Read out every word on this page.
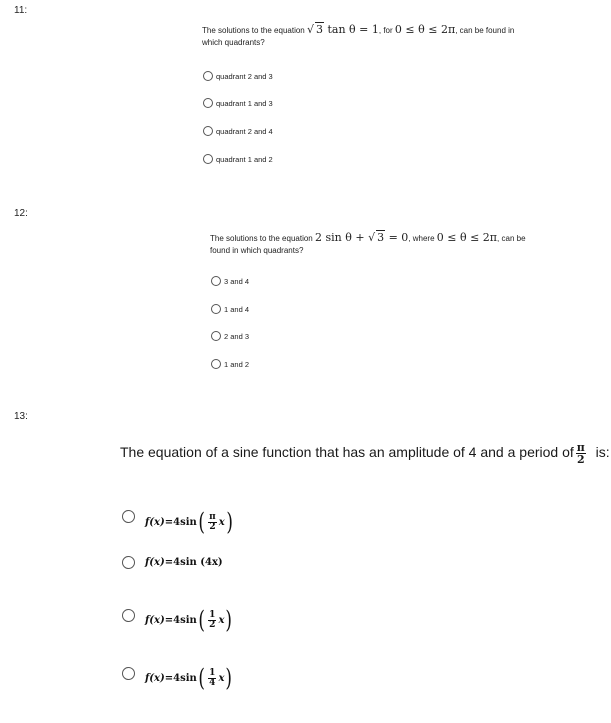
11:
The solutions to the equation √ 3 tan θ = 1, for 0 ≤ θ ≤ 2π, can be found in
which quadrants?
quadrant 2 and 3
quadrant 1 and 3
quadrant 2 and 4
quadrant 1 and 2
12:
The solutions to the equation 2 sin θ + √ 3 = 0, where 0 ≤ θ ≤ 2π, can be
found in which quadrants?
3 and 4
1 and 4
2 and 3
1 and 2
13:
The equation of a sine function that has an amplitude of 4 and a period of $\frac{\pi}{2}$ is:
f(x) = 4sin ( $\frac{\pi}{2}$ x )
f(x) = 4sin
(4x)
f(x) = 4sin ( $\frac{1}{2}$ x )
f(x) = 4sin ( $\frac{1}{4}$ x )
